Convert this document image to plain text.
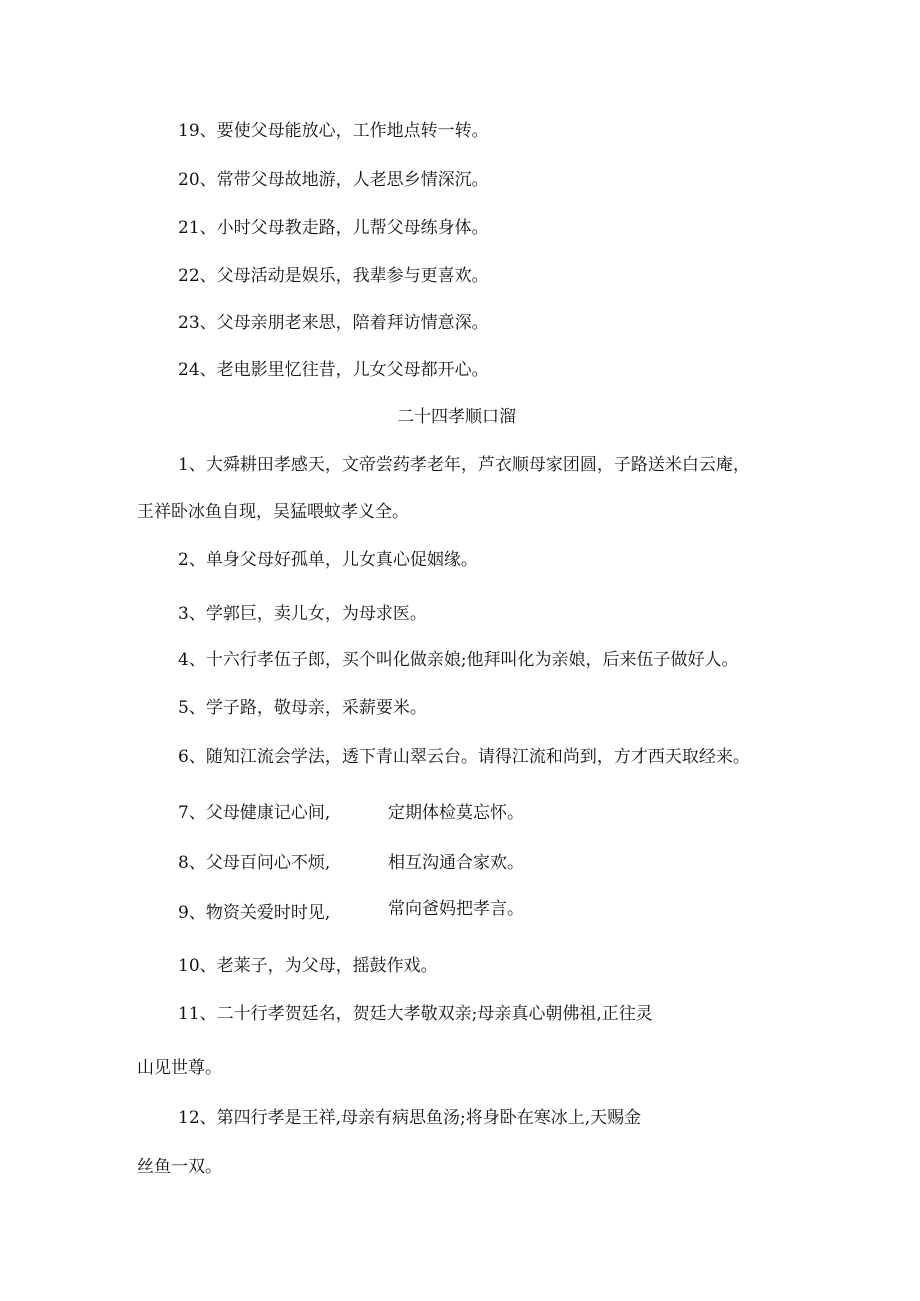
19、要使父母能放心，工作地点转一转。
20、常带父母故地游，人老思乡情深沉。
21、小时父母教走路，儿帮父母练身体。
22、父母活动是娱乐，我辈参与更喜欢。
23、父母亲朋老来思，陪着拜访情意深。
24、老电影里忆往昔，儿女父母都开心。
二十四孝顺口溜
1、大舜耕田孝感天，文帝尝药孝老年，芦衣顺母家团圆，子路送米白云庵，
王祥卧冰鱼自现，吴猛喂蚊孝义全。
2、单身父母好孤单，儿女真心促姻缘。
3、学郭巨，卖儿女，为母求医。
4、十六行孝伍子郎，买个叫化做亲娘;他拜叫化为亲娘，后来伍子做好人。
5、学子路，敬母亲，采薪要米。
6、随知江流会学法，透下青山翠云台。请得江流和尚到，方才西天取经来。
7、父母健康记心间,	定期体检莫忘怀。
8、父母百问心不烦,	相互沟通合家欢。
9、物资关爱时时见,	常向爸妈把孝言。
10、老莱子，为父母，摇鼓作戏。
11、二十行孝贺廷名，贺廷大孝敬双亲;母亲真心朝佛祖,正往灵
山见世尊。
12、第四行孝是王祥,母亲有病思鱼汤;将身卧在寒冰上,天赐金
丝鱼一双。
